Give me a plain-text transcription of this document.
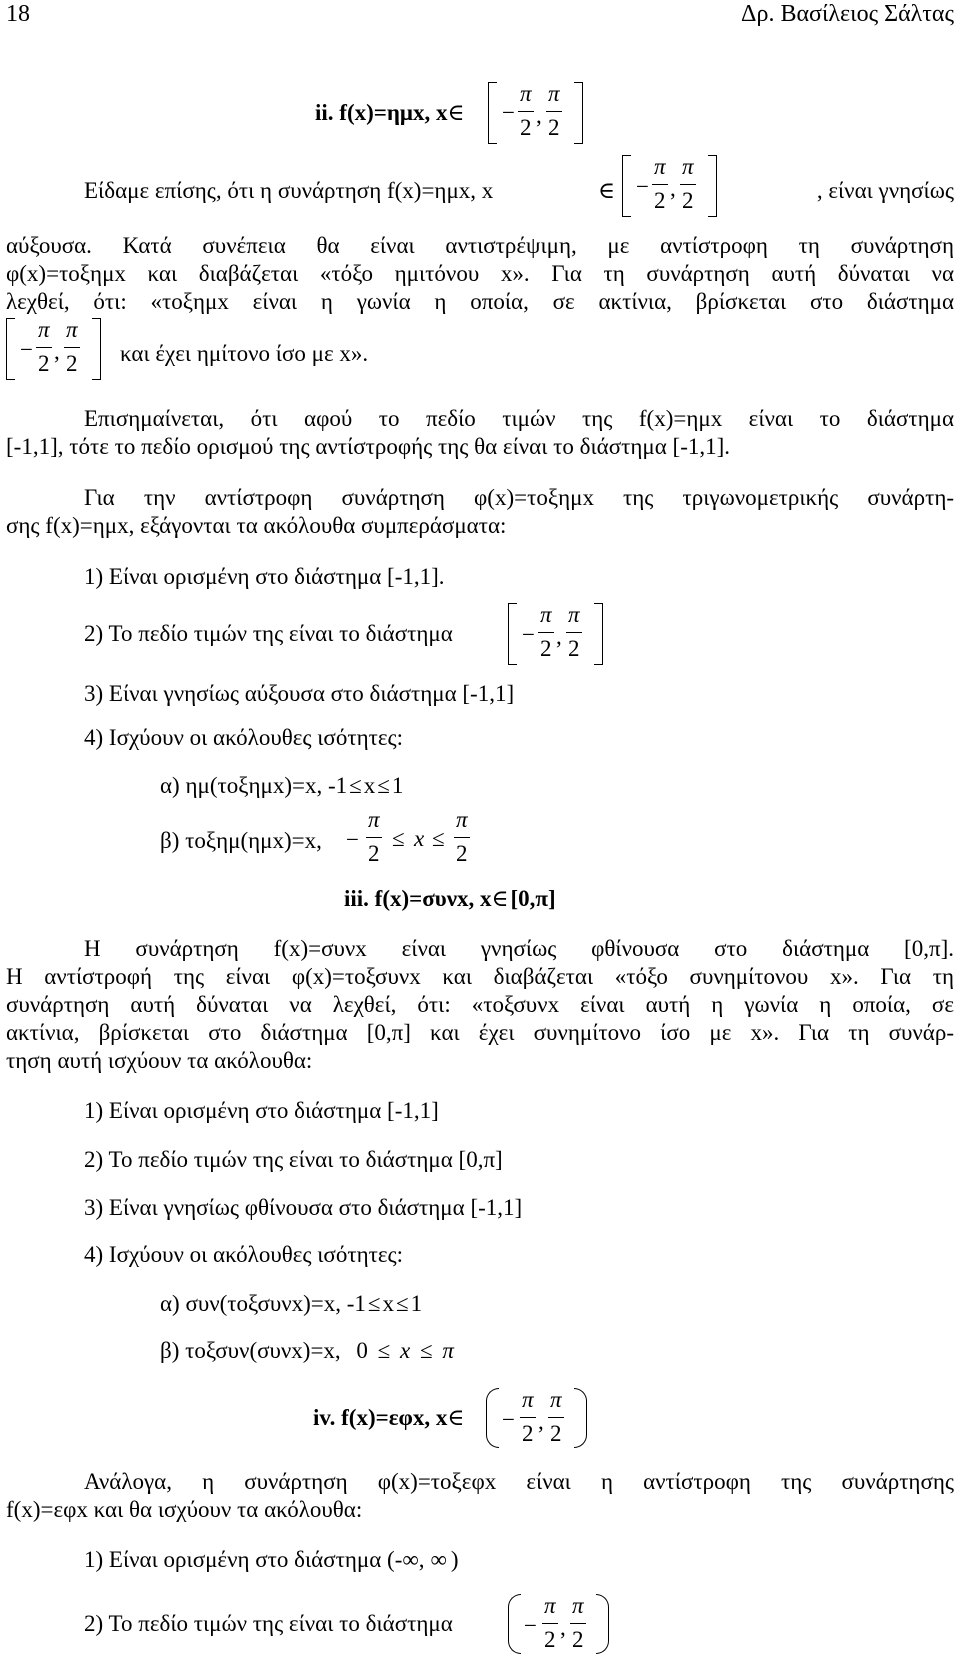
18	Δρ. Βασίλειος Σάλτας
ii. f(x)=ημx, x∈ −
π
2 ,
π
2
Είδαμε επίσης, ότι η συνάρτηση f(x)=ημx, x	∈ −
π
2 ,
π
2	, είναι γνησίως
αύξουσα. Κατά συνέπεια θα είναι αντιστρέψιμη, με αντίστροφη τη συνάρτηση
φ(x)=τοξημx και διαβάζεται «τόξο ημιτόνου x». Για τη συνάρτηση αυτή δύναται να
λεχθεί, ότι: «τοξημx είναι η γωνία η οποία, σε ακτίνια, βρίσκεται στο διάστημα
−
π
2 ,
π
2 και έχει ημίτονο ίσο με x».
Επισημαίνεται, ότι αφού το πεδίο τιμών της f(x)=ημx είναι το διάστημα
[-1,1], τότε το πεδίο ορισμού της αντίστροφής της θα είναι το διάστημα [-1,1].
Για την αντίστροφη συνάρτηση φ(x)=τοξημx της τριγωνομετρικής συνάρτη-
σης f(x)=ημx, εξάγονται τα ακόλουθα συμπεράσματα:
1) Είναι ορισμένη στο διάστημα [-1,1].
2) Το πεδίο τιμών της είναι το διάστημα	−
π
2 ,
π
2
3) Είναι γνησίως αύξουσα στο διάστημα [-1,1]
4) Ισχύουν οι ακόλουθες ισότητες:
α) ημ(τοξημx)=x, -1≤x≤1
β) τοξημ(ημx)=x, −
π
2
≤ x ≤
π
2
iii. f(x)=συνx, x∈[0,π]
Η συνάρτηση f(x)=συνx είναι γνησίως φθίνουσα στο διάστημα [0,π].
Η αντίστροφή της είναι φ(x)=τοξσυνx και διαβάζεται «τόξο συνημίτονου x». Για τη
συνάρτηση αυτή δύναται να λεχθεί, ότι: «τοξσυνx είναι αυτή η γωνία η οποία, σε
ακτίνια, βρίσκεται στο διάστημα [0,π] και έχει συνημίτονο ίσο με x». Για τη συνάρ-
τηση αυτή ισχύουν τα ακόλουθα:
1) Είναι ορισμένη στο διάστημα [-1,1]
2) Το πεδίο τιμών της είναι το διάστημα [0,π]
3) Είναι γνησίως φθίνουσα στο διάστημα [-1,1]
4) Ισχύουν οι ακόλουθες ισότητες:
α) συν(τοξσυνx)=x, -1≤x≤1
β) τοξσυν(συνx)=x, 0 ≤ x ≤ π
iv. f(x)=εφx, x∈ −
π
2 ,
π
2
Ανάλογα, η συνάρτηση φ(x)=τοξεφx είναι η αντίστροφη της συνάρτησης
f(x)=εφx και θα ισχύουν τα ακόλουθα:
1) Είναι ορισμένη στο διάστημα (-∞, ∞ )
2) Το πεδίο τιμών της είναι το διάστημα	−
π
2 ,
π
2
